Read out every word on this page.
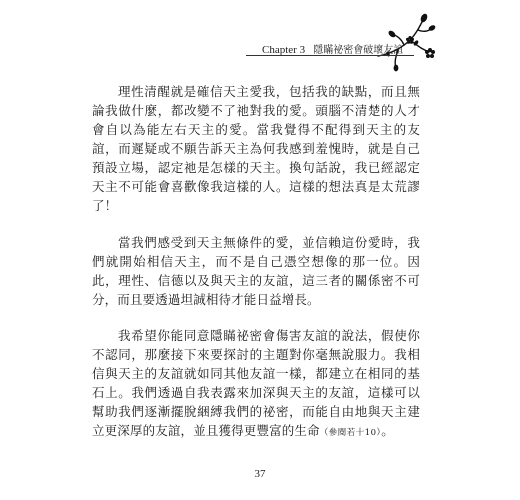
Chapter 3 隱瞞祕密會破壞友誼

理性清醒就是確信天主愛我，包括我的缺點，而且無論我做什麼，都改變不了祂對我的愛。頭腦不清楚的人才會自以為能左右天主的愛。當我覺得不配得到天主的友誼，而遲疑或不願告訴天主為何我感到羞愧時，就是自己預設立場，認定祂是怎樣的天主。換句話說，我已經認定天主不可能會喜歡像我這樣的人。這樣的想法真是太荒謬了！

當我們感受到天主無條件的愛，並信賴這份愛時，我們就開始相信天主，而不是自己憑空想像的那一位。因此，理性、信德以及與天主的友誼，這三者的關係密不可分，而且要透過坦誠相待才能日益增長。

我希望你能同意隱瞞祕密會傷害友誼的說法，假使你不認同，那麼接下來要探討的主題對你毫無說服力。我相信與天主的友誼就如同其他友誼一樣，都建立在相同的基石上。我們透過自我表露來加深與天主的友誼，這樣可以幫助我們逐漸擺脫綑縛我們的祕密，而能自由地與天主建立更深厚的友誼，並且獲得更豐富的生命（參閱若十10）。

37
